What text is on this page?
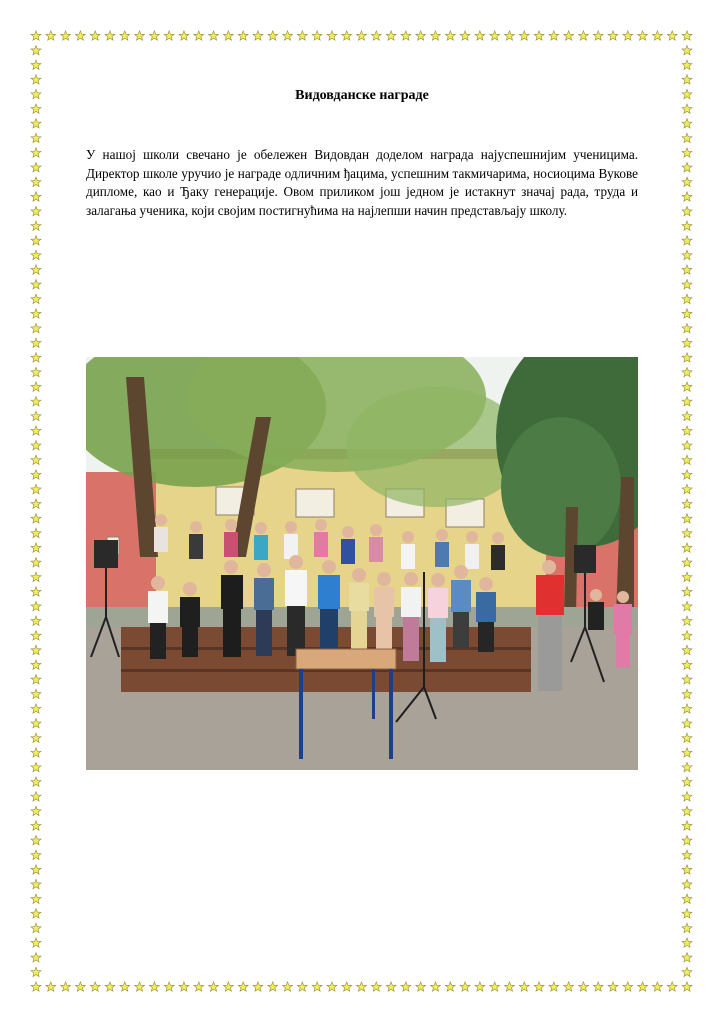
Видовданске награде

У нашој школи свечано је обележен Видовдан доделом награда најуспешнијим ученицима. Директор школе уручио је награде одличним ђацима, успешним такмичарима, носиоцима Вукове дипломе, као и Ђаку генерације. Овом приликом још једном је истакнут значај рада, труда и залагања ученика, који својим постигнућима на најлепши начин представљају школу.
